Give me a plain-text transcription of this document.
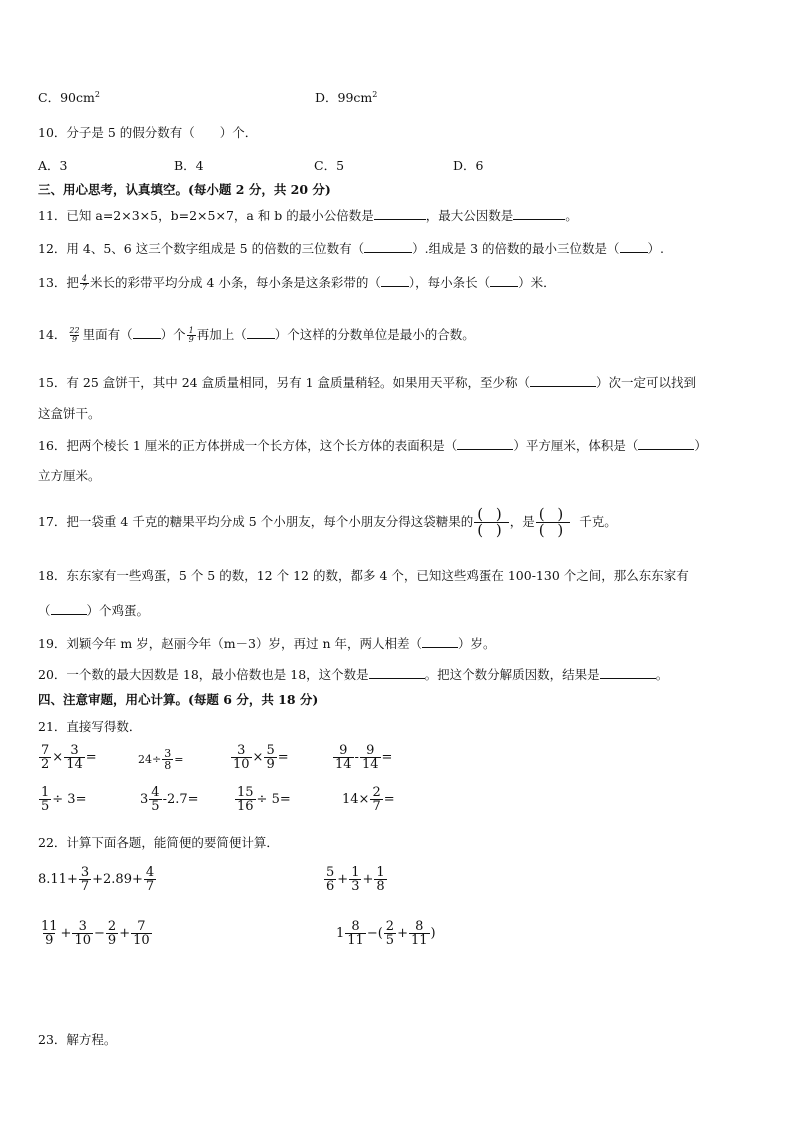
C．$90cm^2$	D．$99cm^2$
10．分子是 5 的假分数有（　　）个．
A．3	B．4	C．5	D．6
三、用心思考，认真填空。(每小题 2 分，共 20 分)
11．已知 a=2×3×5，b=2×5×7，a 和 b 的最小公倍数是	，最大公因数是	。
12．用 4、5、6 这三个数字组成是 5 的倍数的三位数有（	）.组成是 3 的倍数的最小三位数是（ ）.
13．把 $\frac{4}{7}$ 米长的彩带平均分成 4 小条，每小条是这条彩带的（ ），每小条长（ ）米．
14． $\frac{22}{9}$ 里面有（ ）个 $\frac{1}{9}$ 再加上（ ）个这样的分数单位是最小的合数。
15．有 25 盒饼干，其中 24 盒质量相同，另有 1 盒质量稍轻。如果用天平称，至少称（	）次一定可以找到
这盒饼干。
16．把两个棱长 1 厘米的正方体拼成一个长方体，这个长方体的表面积是（	）平方厘米，体积是（	）
立方厘米。
17．把一袋重 4 千克的糖果平均分成 5 个小朋友，每个小朋友分得这袋糖果的 $\frac{( )}{( )}$ ，是 $\frac{( )}{( )}$ 千克。
18．东东家有一些鸡蛋，5 个 5 的数，12 个 12 的数，都多 4 个，已知这些鸡蛋在 100-130 个之间，那么东东家有
（	）个鸡蛋。
19．刘颖今年 m 岁，赵丽今年（m－3）岁，再过 n 年，两人相差（	）岁。
20．一个数的最大因数是 18，最小倍数也是 18，这个数是	。把这个数分解质因数，结果是	。
四、注意审题，用心计算。(每题 6 分，共 18 分)
21．直接写得数．
$\frac{7}{2} \times \frac{3}{14}$ =	$24\div \frac{3}{8}$ =	$\frac{3}{10} \times \frac{5}{9}$ =	$\frac{9}{14} - \frac{9}{14}$ =
$\frac{1}{5} \div 3=$	$3 \frac{4}{5} -2.7=$	$\frac{15}{16} \div 5=$	$14\times \frac{2}{7}$ =
22．计算下面各题，能简便的要简便计算．
$8.11+ \frac{3}{7} +2.89+ \frac{4}{7}$	$\frac{5}{6} + \frac{1}{3} + \frac{1}{8}$
$\frac{11}{9} + \frac{3}{10} - \frac{2}{9} + \frac{7}{10}$	$1 \frac{8}{11}$ −( $\frac{2}{5} + \frac{8}{11}$ )
23．解方程。
